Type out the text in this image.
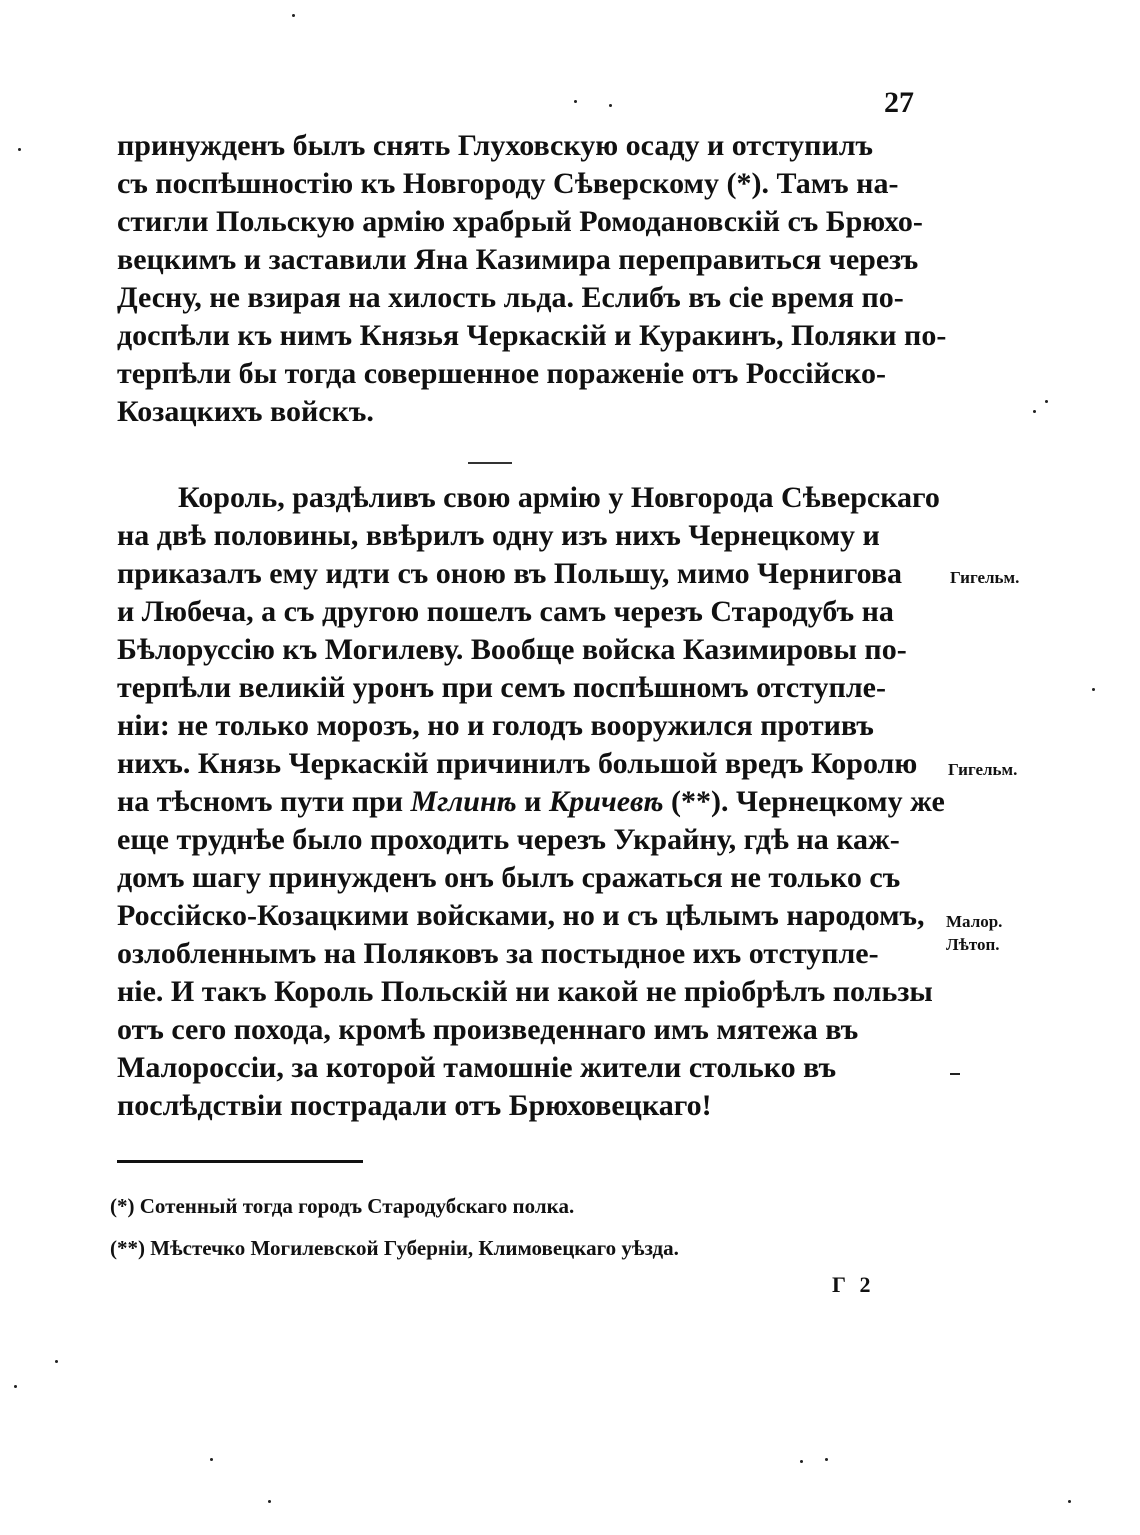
27
принужденъ былъ снять Глуховскую осаду и отступилъ
съ поспѣшностію къ Новгороду Сѣверскому (*). Тамъ на-
стигли Польскую армію храбрый Ромодановскій съ Брюхо-
вецкимъ и заставили Яна Казимира переправиться черезъ
Десну, не взирая на хилость льда. Еслибъ въ сіе время по-
доспѣли къ нимъ Князья Черкаскій и Куракинъ, Поляки по-
терпѣли бы тогда совершенное пораженіе отъ Россійско-
Козацкихъ войскъ.
Король, раздѣливъ свою армію у Новгорода Сѣверскаго
на двѣ половины, ввѣрилъ одну изъ нихъ Чернецкому и
приказалъ ему идти съ оною въ Польшу, мимо Чернигова
и Любеча, а съ другою пошелъ самъ черезъ Стародубъ на
Бѣлоруссію къ Могилеву. Вообще войска Казимировы по-
терпѣли великій уронъ при семъ поспѣшномъ отступле-
ніи: не только морозъ, но и голодъ вооружился противъ
нихъ. Князь Черкаскій причинилъ большой вредъ Королю
на тѣсномъ пути при Мглинѣ и Кричевѣ (**). Чернецкому же
еще труднѣе было проходить черезъ Украйну, гдѣ на каж-
домъ шагу принужденъ онъ былъ сражаться не только съ
Россійско-Козацкими войсками, но и съ цѣлымъ народомъ,
озлобленнымъ на Поляковъ за постыдное ихъ отступле-
ніе. И такъ Король Польскій ни какой не пріобрѣлъ пользы
отъ сего похода, кромѣ произведеннаго имъ мятежа въ
Малороссіи, за которой тамошніе жители столько въ
послѣдствіи пострадали отъ Брюховецкаго!
Гигельм.
Гигельм.
Малор.
Лѣтоп.
(*) Сотенный тогда городъ Стародубскаго полка.
(**) Мѣстечко Могилевской Губерніи, Климовецкаго уѣзда.
Г 2
